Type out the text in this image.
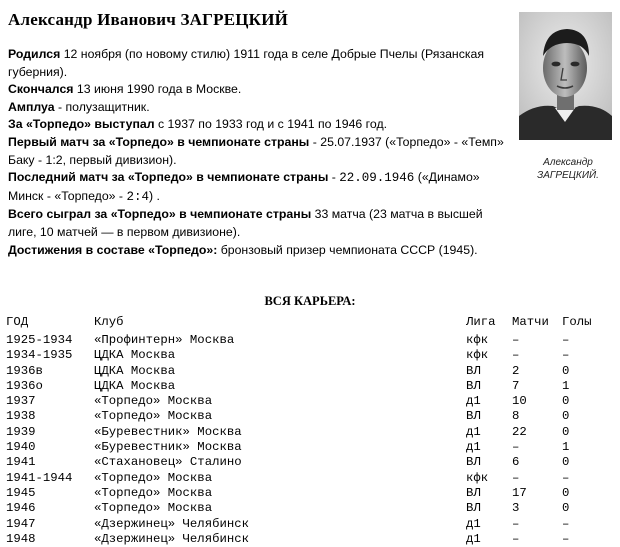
Александр Иванович ЗАГРЕЦКИЙ

Родился 12 ноября (по новому стилю) 1911 года в селе Добрые Пчелы (Рязанская губерния).

Скончался 13 июня 1990 года в Москве.

Амплуа - полузащитник.

За «Торпедо» выступал с 1937 по 1933 год и с 1941 по 1946 год.

Первый матч за «Торпедо» в чемпионате страны - 25.07.1937 («Торпедо» - «Темп» Баку - 1:2, первый дивизион).

Последний матч за «Торпедо» в чемпионате страны - 22.09.1946 («Динамо» Минск - «Торпедо» - 2:4) .

Всего сыграл за «Торпедо» в чемпионате страны 33 матча (23 матча в высшей лиге, 10 матчей — в первом дивизионе).

Достижения в составе «Торпедо»: бронзовый призер чемпионата СССР (1945).

Александр
ЗАГРЕЦКИЙ.
ВСЯ КАРЬЕРА:
ГОД	Клуб	Лига Матчи Голы
1925-1934 «Профинтерн» Москва	кфк –	–
1934-1935 ЦДКА Москва	кфк –	–
1936в	ЦДКА Москва	ВЛ	2	0
1936о	ЦДКА Москва	ВЛ	7	1
1937	«Торпедо» Москва	д1	10	0
1938	«Торпедо» Москва	ВЛ	8	0
1939	«Буревестник» Москва	д1	22	0
1940	«Буревестник» Москва	д1	–	1
1941	«Стахановец» Сталино	ВЛ	6	0
1941-1944 «Торпедо» Москва	кфк –	–
1945	«Торпедо» Москва	ВЛ	17	0
1946	«Торпедо» Москва	ВЛ	3	0
1947	«Дзержинец» Челябинск	д1	–	–
1948	«Дзержинец» Челябинск	д1	–	–
